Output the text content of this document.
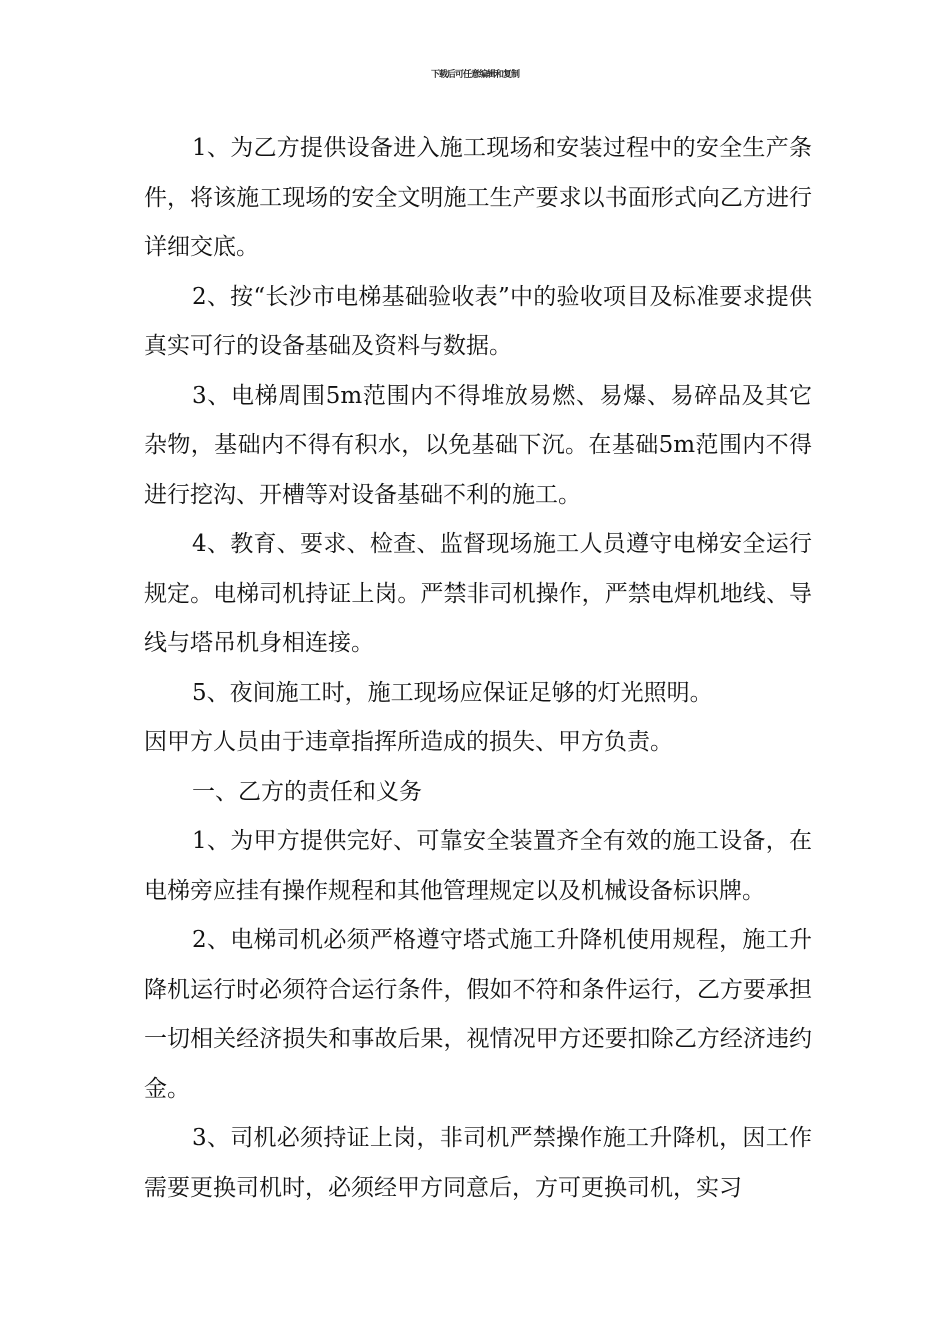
下载后可任意编辑和复制

1、为乙方提供设备进入施工现场和安装过程中的安全生产条件，将该施工现场的安全文明施工生产要求以书面形式向乙方进行详细交底。

2、按“长沙市电梯基础验收表”中的验收项目及标准要求提供真实可行的设备基础及资料与数据。

3、电梯周围5m范围内不得堆放易燃、易爆、易碎品及其它杂物，基础内不得有积水，以免基础下沉。在基础5m范围内不得进行挖沟、开槽等对设备基础不利的施工。

4、教育、要求、检查、监督现场施工人员遵守电梯安全运行规定。电梯司机持证上岗。严禁非司机操作，严禁电焊机地线、导线与塔吊机身相连接。

5、夜间施工时，施工现场应保证足够的灯光照明。

因甲方人员由于违章指挥所造成的损失、甲方负责。

一、乙方的责任和义务

1、为甲方提供完好、可靠安全装置齐全有效的施工设备，在电梯旁应挂有操作规程和其他管理规定以及机械设备标识牌。

2、电梯司机必须严格遵守塔式施工升降机使用规程，施工升降机运行时必须符合运行条件，假如不符和条件运行，乙方要承担一切相关经济损失和事故后果，视情况甲方还要扣除乙方经济违约金。

3、司机必须持证上岗，非司机严禁操作施工升降机，因工作需要更换司机时，必须经甲方同意后，方可更换司机，实习
